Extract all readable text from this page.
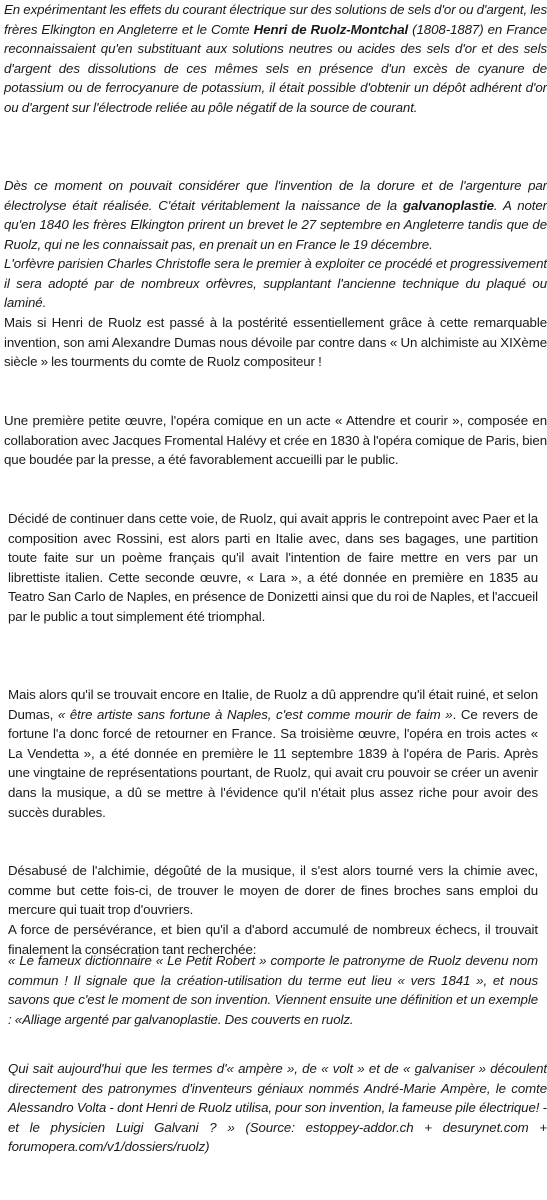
En expérimentant les effets du courant électrique sur des solutions de sels d'or ou d'argent, les frères Elkington en Angleterre et le Comte Henri de Ruolz-Montchal (1808-1887) en France reconnaissaient qu'en substituant aux solutions neutres ou acides des sels d'or et des sels d'argent des dissolutions de ces mêmes sels en présence d'un excès de cyanure de potassium ou de ferrocyanure de potassium, il était possible d'obtenir un dépôt adhérent d'or ou d'argent sur l'électrode reliée au pôle négatif de la source de courant.

Dès ce moment on pouvait considérer que l'invention de la dorure et de l'argenture par électrolyse était réalisée. C'était véritablement la naissance de la galvanoplastie. A noter qu'en 1840 les frères Elkington prirent un brevet le 27 septembre en Angleterre tandis que de Ruolz, qui ne les connaissait pas, en prenait un en France le 19 décembre.

L'orfèvre parisien Charles Christofle sera le premier à exploiter ce procédé et progressivement il sera adopté par de nombreux orfèvres, supplantant l'ancienne technique du plaqué ou laminé.

Mais si Henri de Ruolz est passé à la postérité essentiellement grâce à cette remarquable invention, son ami Alexandre Dumas nous dévoile par contre dans « Un alchimiste au XIXème siècle » les tourments du comte de Ruolz compositeur !

Une première petite œuvre, l'opéra comique en un acte « Attendre et courir », composée en collaboration avec Jacques Fromental Halévy et crée en 1830 à l'opéra comique de Paris, bien que boudée par la presse, a été favorablement accueilli par le public.

Décidé de continuer dans cette voie, de Ruolz, qui avait appris le contrepoint avec Paer et la composition avec Rossini, est alors parti en Italie avec, dans ses bagages, une partition toute faite sur un poème français qu'il avait l'intention de faire mettre en vers par un librettiste italien. Cette seconde œuvre, « Lara », a été donnée en première en 1835 au Teatro San Carlo de Naples, en présence de Donizetti ainsi que du roi de Naples, et l'accueil par le public a tout simplement été triomphal.

Mais alors qu'il se trouvait encore en Italie, de Ruolz a dû apprendre qu'il était ruiné, et selon Dumas, « être artiste sans fortune à Naples, c'est comme mourir de faim ». Ce revers de fortune l'a donc forcé de retourner en France. Sa troisième œuvre, l'opéra en trois actes « La Vendetta », a été donnée en première le 11 septembre 1839 à l'opéra de Paris. Après une vingtaine de représentations pourtant, de Ruolz, qui avait cru pouvoir se créer un avenir dans la musique, a dû se mettre à l'évidence qu'il n'était plus assez riche pour avoir des succès durables.

Désabusé de l'alchimie, dégoûté de la musique, il s'est alors tourné vers la chimie avec, comme but cette fois-ci, de trouver le moyen de dorer de fines broches sans emploi du mercure qui tuait trop d'ouvriers.

A force de persévérance, et bien qu'il a d'abord accumulé de nombreux échecs, il trouvait finalement la consécration tant recherchée:

« Le fameux dictionnaire « Le Petit Robert » comporte le patronyme de Ruolz devenu nom commun ! Il signale que la création-utilisation du terme eut lieu « vers 1841 », et nous savons que c'est le moment de son invention. Viennent ensuite une définition et un exemple : «Alliage argenté par galvanoplastie. Des couverts en ruolz.

Qui sait aujourd'hui que les termes d'« ampère », de « volt » et de « galvaniser » découlent directement des patronymes d'inventeurs géniaux nommés André-Marie Ampère, le comte Alessandro Volta - dont Henri de Ruolz utilisa, pour son invention, la fameuse pile électrique! - et le physicien Luigi Galvani ? » (Source: estoppey-addor.ch + desurynet.com + forumopera.com/v1/dossiers/ruolz)
